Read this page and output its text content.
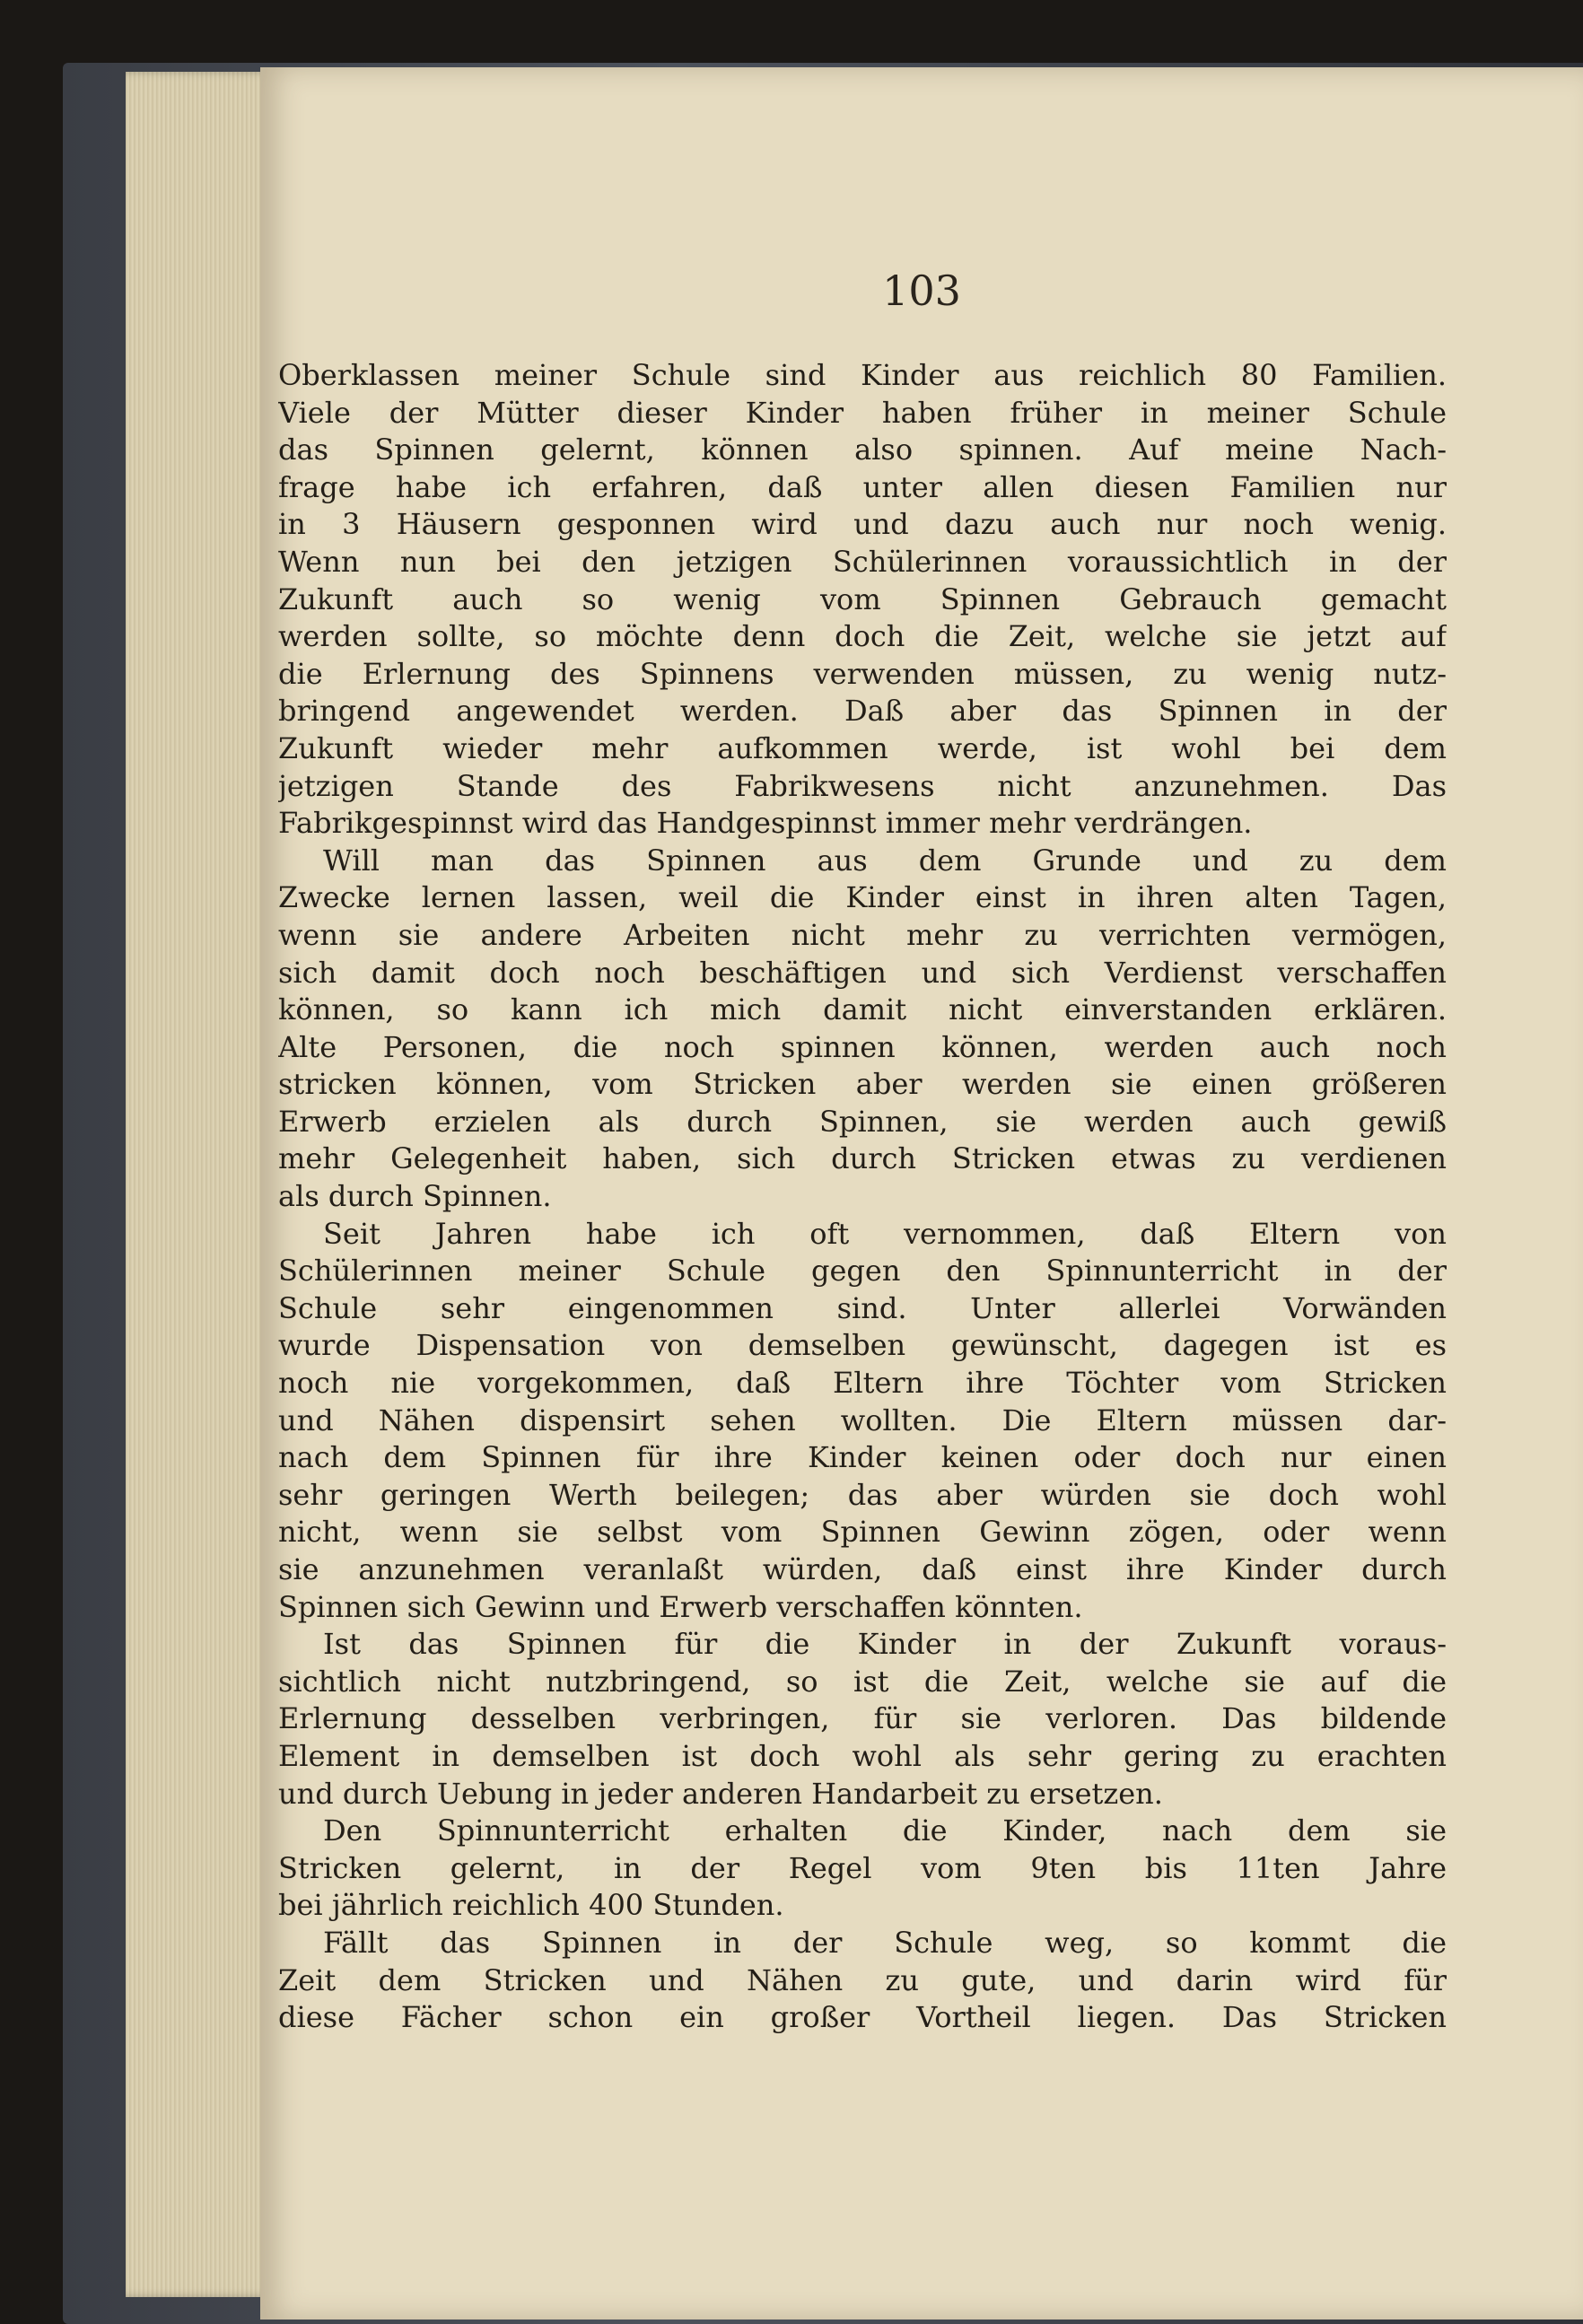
103
Oberklassen meiner Schule sind Kinder aus reichlich 80 Familien.
Viele der Mütter dieser Kinder haben früher in meiner Schule
das Spinnen gelernt, können also spinnen. Auf meine Nach-
frage habe ich erfahren, daß unter allen diesen Familien nur
in 3 Häusern gesponnen wird und dazu auch nur noch wenig.
Wenn nun bei den jetzigen Schülerinnen voraussichtlich in der
Zukunft auch so wenig vom Spinnen Gebrauch gemacht
werden sollte, so möchte denn doch die Zeit, welche sie jetzt auf
die Erlernung des Spinnens verwenden müssen, zu wenig nutz-
bringend angewendet werden. Daß aber das Spinnen in der
Zukunft wieder mehr aufkommen werde, ist wohl bei dem
jetzigen Stande des Fabrikwesens nicht anzunehmen. Das
Fabrikgespinnst wird das Handgespinnst immer mehr verdrängen.
Will man das Spinnen aus dem Grunde und zu dem
Zwecke lernen lassen, weil die Kinder einst in ihren alten Tagen,
wenn sie andere Arbeiten nicht mehr zu verrichten vermögen,
sich damit doch noch beschäftigen und sich Verdienst verschaffen
können, so kann ich mich damit nicht einverstanden erklären.
Alte Personen, die noch spinnen können, werden auch noch
stricken können, vom Stricken aber werden sie einen größeren
Erwerb erzielen als durch Spinnen, sie werden auch gewiß
mehr Gelegenheit haben, sich durch Stricken etwas zu verdienen
als durch Spinnen.
Seit Jahren habe ich oft vernommen, daß Eltern von
Schülerinnen meiner Schule gegen den Spinnunterricht in der
Schule sehr eingenommen sind. Unter allerlei Vorwänden
wurde Dispensation von demselben gewünscht, dagegen ist es
noch nie vorgekommen, daß Eltern ihre Töchter vom Stricken
und Nähen dispensirt sehen wollten. Die Eltern müssen dar-
nach dem Spinnen für ihre Kinder keinen oder doch nur einen
sehr geringen Werth beilegen; das aber würden sie doch wohl
nicht, wenn sie selbst vom Spinnen Gewinn zögen, oder wenn
sie anzunehmen veranlaßt würden, daß einst ihre Kinder durch
Spinnen sich Gewinn und Erwerb verschaffen könnten.
Ist das Spinnen für die Kinder in der Zukunft voraus-
sichtlich nicht nutzbringend, so ist die Zeit, welche sie auf die
Erlernung desselben verbringen, für sie verloren. Das bildende
Element in demselben ist doch wohl als sehr gering zu erachten
und durch Uebung in jeder anderen Handarbeit zu ersetzen.
Den Spinnunterricht erhalten die Kinder, nach dem sie
Stricken gelernt, in der Regel vom 9ten bis 11ten Jahre
bei jährlich reichlich 400 Stunden.
Fällt das Spinnen in der Schule weg, so kommt die
Zeit dem Stricken und Nähen zu gute, und darin wird für
diese Fächer schon ein großer Vortheil liegen. Das Stricken
